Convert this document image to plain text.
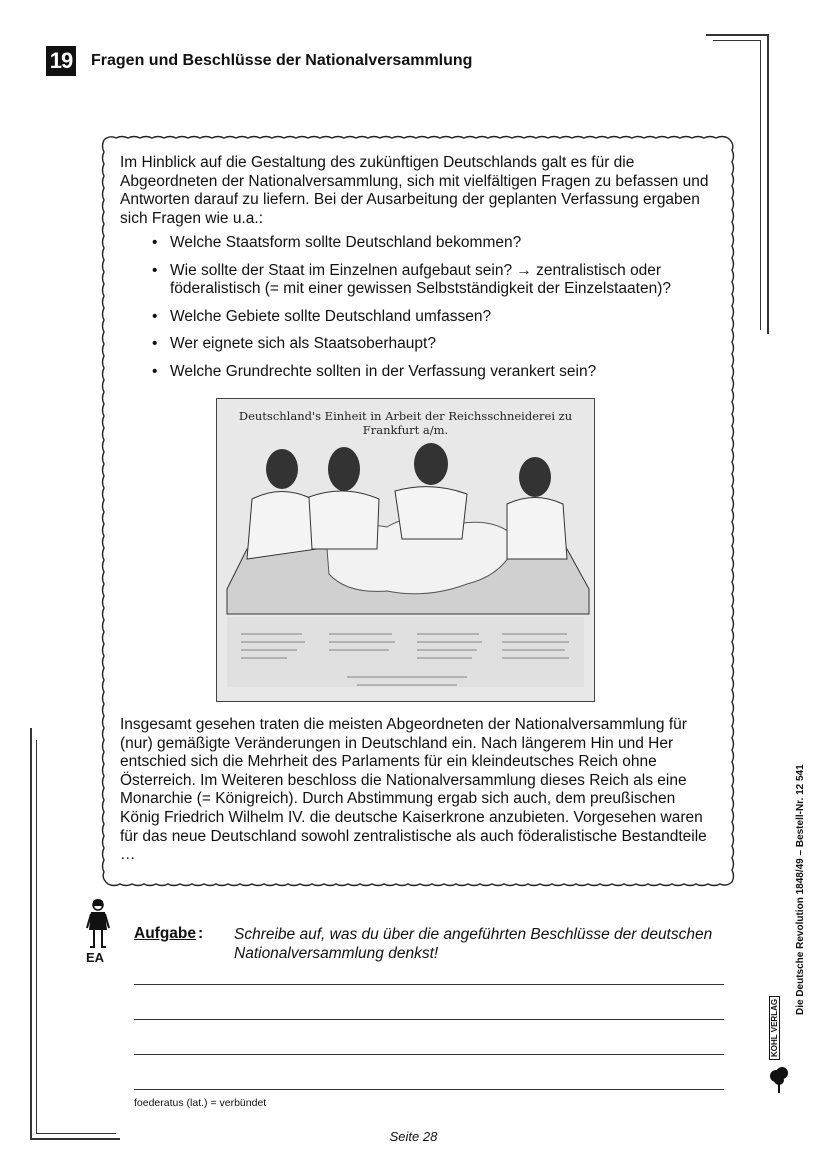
19 Fragen und Beschlüsse der Nationalversammlung

Im Hinblick auf die Gestaltung des zukünftigen Deutschlands galt es für die Abgeordneten der Nationalversammlung, sich mit vielfältigen Fragen zu befassen und Antworten darauf zu liefern. Bei der Ausarbeitung der geplanten Verfassung ergaben sich Fragen wie u.a.:

• Welche Staatsform sollte Deutschland bekommen?
• Wie sollte der Staat im Einzelnen aufgebaut sein? → zentralistisch oder föderalistisch (= mit einer gewissen Selbstständigkeit der Einzelstaaten)?
• Welche Gebiete sollte Deutschland umfassen?
• Wer eignete sich als Staatsoberhaupt?
• Welche Grundrechte sollten in der Verfassung verankert sein?
Deutschland's Einheit in Arbeit der Reichsschneiderei zu Frankfurt a/m.

Insgesamt gesehen traten die meisten Abgeordneten der Nationalversammlung für (nur) gemäßigte Veränderungen in Deutschland ein. Nach längerem Hin und Her entschied sich die Mehrheit des Parlaments für ein kleindeutsches Reich ohne Österreich. Im Weiteren beschloss die Nationalversammlung dieses Reich als eine Monarchie (= Königreich). Durch Abstimmung ergab sich auch, dem preußischen König Friedrich Wilhelm IV. die deutsche Kaiserkrone anzubieten. Vorgesehen waren für das neue Deutschland sowohl zentralistische als auch föderalistische Bestandteile …

EA
Aufgabe : Schreibe auf, was du über die angeführten Beschlüsse der deutschen Nationalversammlung denkst!

foederatus (lat.) = verbündet
Seite 28
Die Deutsche Revolution 1848/49 – Bestell-Nr. 12 541
KOHL VERLAG
